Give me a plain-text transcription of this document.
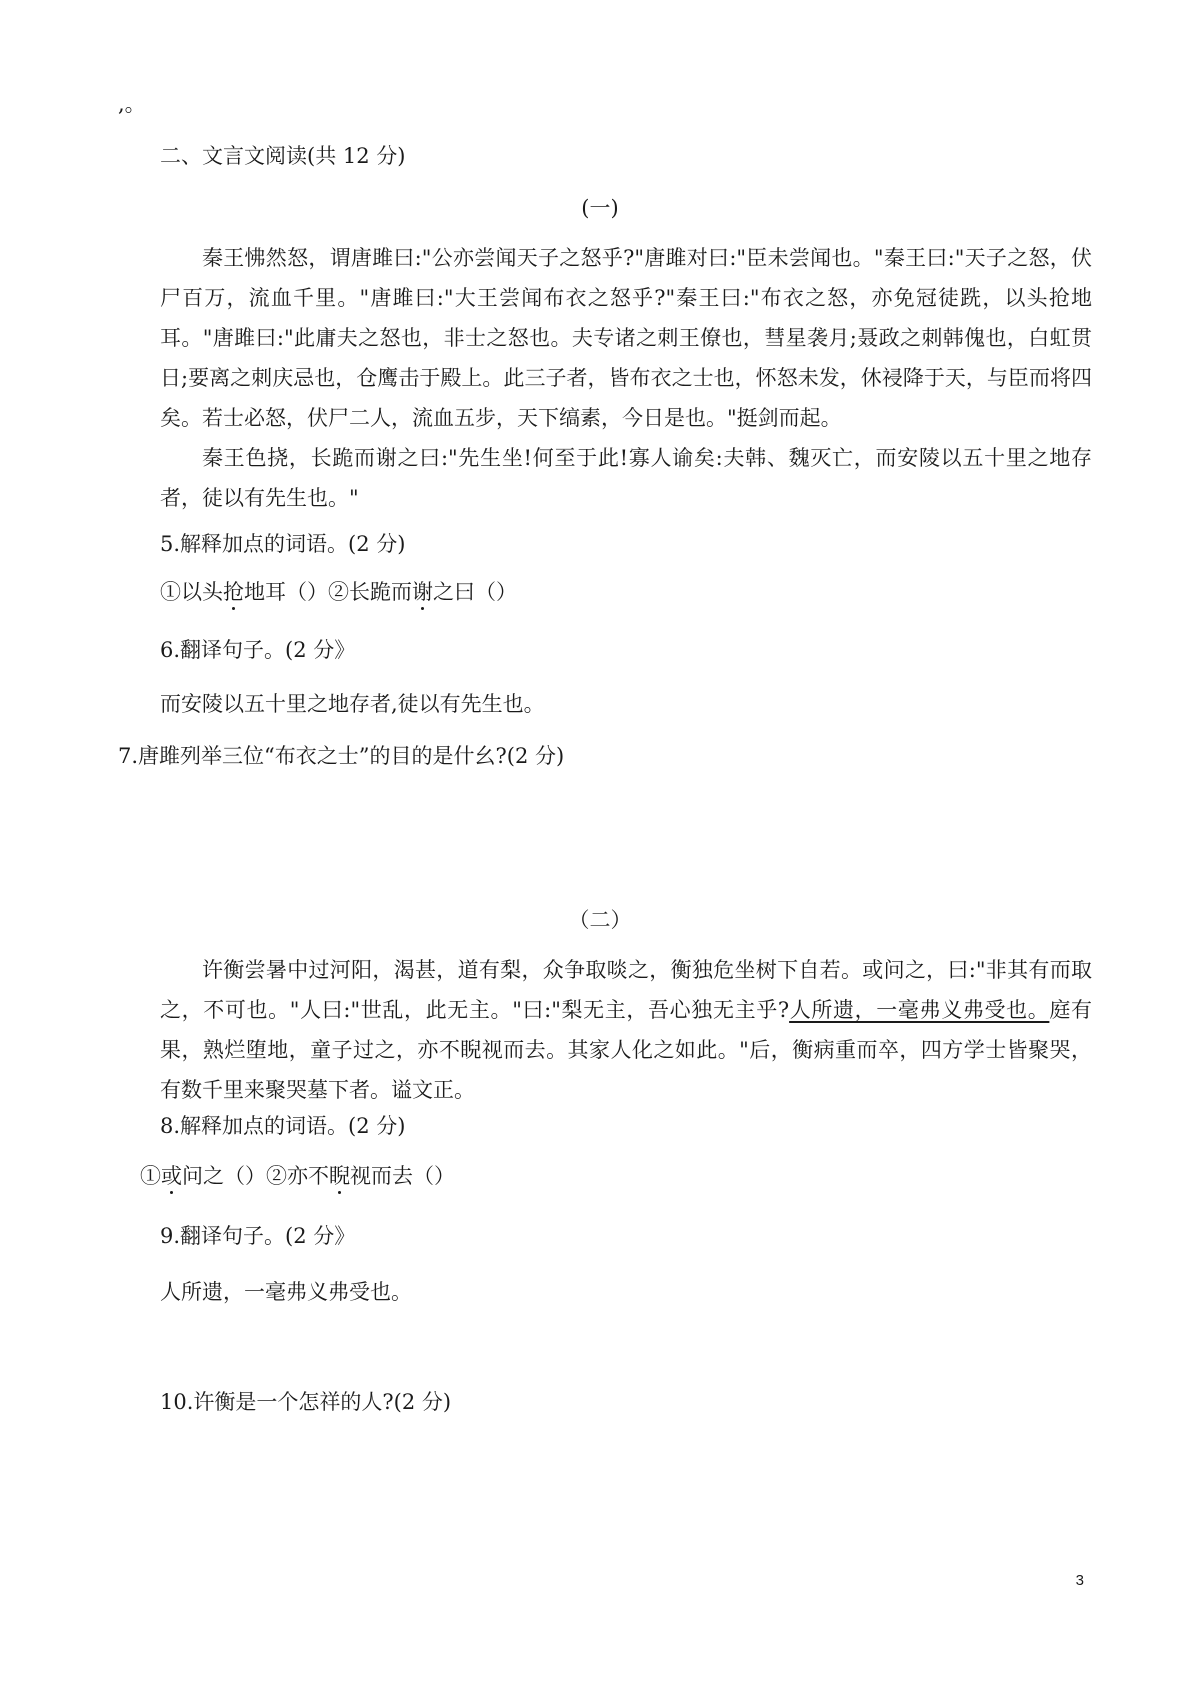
,。
二、文言文阅读(共 12 分)
(一)
秦王怫然怒，谓唐雎曰:"公亦尝闻天子之怒乎?"唐雎对曰:"臣未尝闻也。"秦王曰:"天子之怒，伏尸百万，流血千里。"唐雎曰:"大王尝闻布衣之怒乎?"秦王曰:"布衣之怒，亦免冠徒跣，以头抢地耳。"唐雎曰:"此庸夫之怒也，非士之怒也。夫专诸之刺王僚也，彗星袭月;聂政之刺韩傀也，白虹贯日;要离之刺庆忌也，仓鹰击于殿上。此三子者，皆布衣之士也，怀怒未发，休祲降于天，与臣而将四矣。若士必怒，伏尸二人，流血五步，天下缟素，今日是也。"挺剑而起。
秦王色挠，长跪而谢之曰:"先生坐!何至于此!寡人谕矣:夫韩、魏灭亡，而安陵以五十里之地存者，徒以有先生也。"
5.解释加点的词语。(2 分)
①以头抢地耳（）②长跪而谢之曰（）
6.翻译句子。(2 分》
而安陵以五十里之地存者,徒以有先生也。
7.唐雎列举三位“布衣之士”的目的是什幺?(2 分)
（二）
许衡尝暑中过河阳，渴甚，道有梨，众争取啖之，衡独危坐树下自若。或问之，曰:"非其有而取之，不可也。"人曰:"世乱，此无主。"曰:"梨无主，吾心独无主乎?人所遗，一毫弗义弗受也。庭有果，熟烂堕地，童子过之，亦不睨视而去。其家人化之如此。"后，衡病重而卒，四方学士皆聚哭，有数千里来聚哭墓下者。谥文正。
8.解释加点的词语。(2 分)
①或问之（）②亦不睨视而去（）
9.翻译句子。(2 分》
人所遗，一毫弗义弗受也。
10.许衡是一个怎祥的人?(2 分)
3
